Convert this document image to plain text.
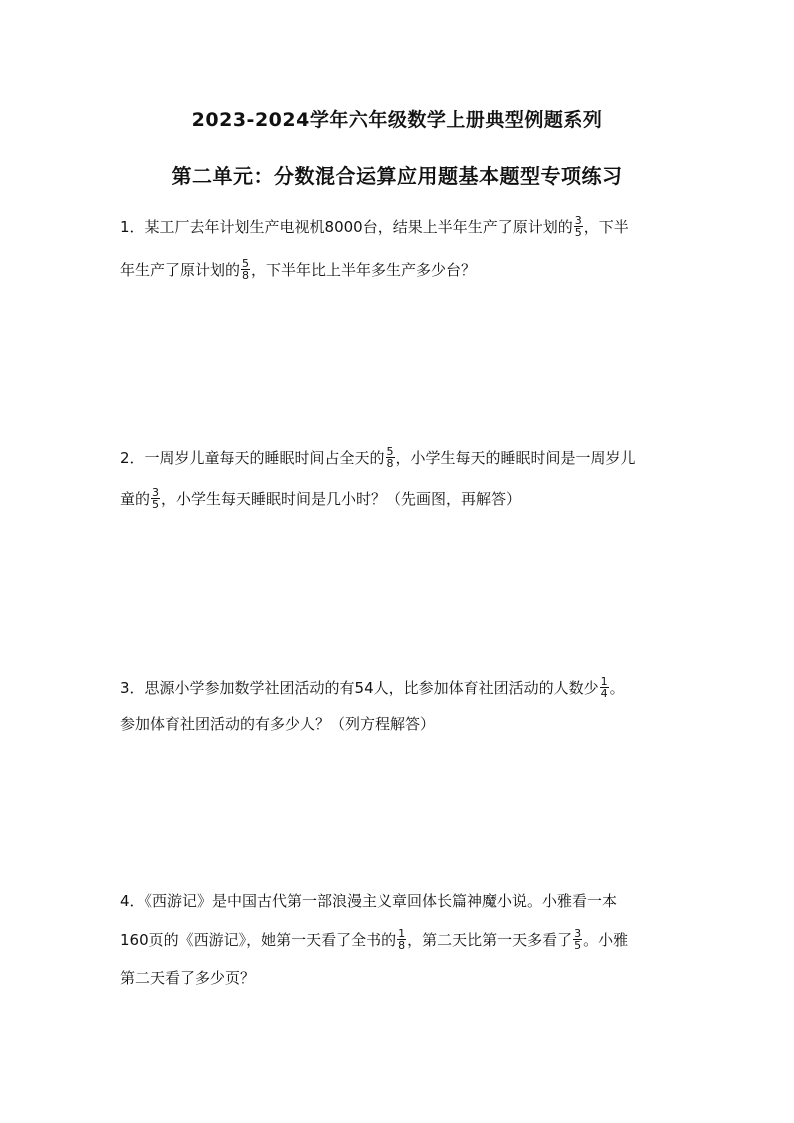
2023-2024学年六年级数学上册典型例题系列
第二单元：分数混合运算应用题基本题型专项练习
1．某工厂去年计划生产电视机8000台，结果上半年生产了原计划的 $\frac{3}{5}$ ，下半
年生产了原计划的 $\frac{5}{8}$ ，下半年比上半年多生产多少台？
2．一周岁儿童每天的睡眠时间占全天的 $\frac{5}{8}$ ，小学生每天的睡眠时间是一周岁儿
童的 $\frac{3}{5}$ ，小学生每天睡眠时间是几小时？（先画图，再解答）
3．思源小学参加数学社团活动的有54人，比参加体育社团活动的人数少 $\frac{1}{4}$ 。
参加体育社团活动的有多少人？（列方程解答）
4．《西游记》是中国古代第一部浪漫主义章回体长篇神魔小说。小雅看一本
160页的《西游记》，她第一天看了全书的 $\frac{1}{8}$ ，第二天比第一天多看了 $\frac{3}{5}$ 。小雅
第二天看了多少页？
